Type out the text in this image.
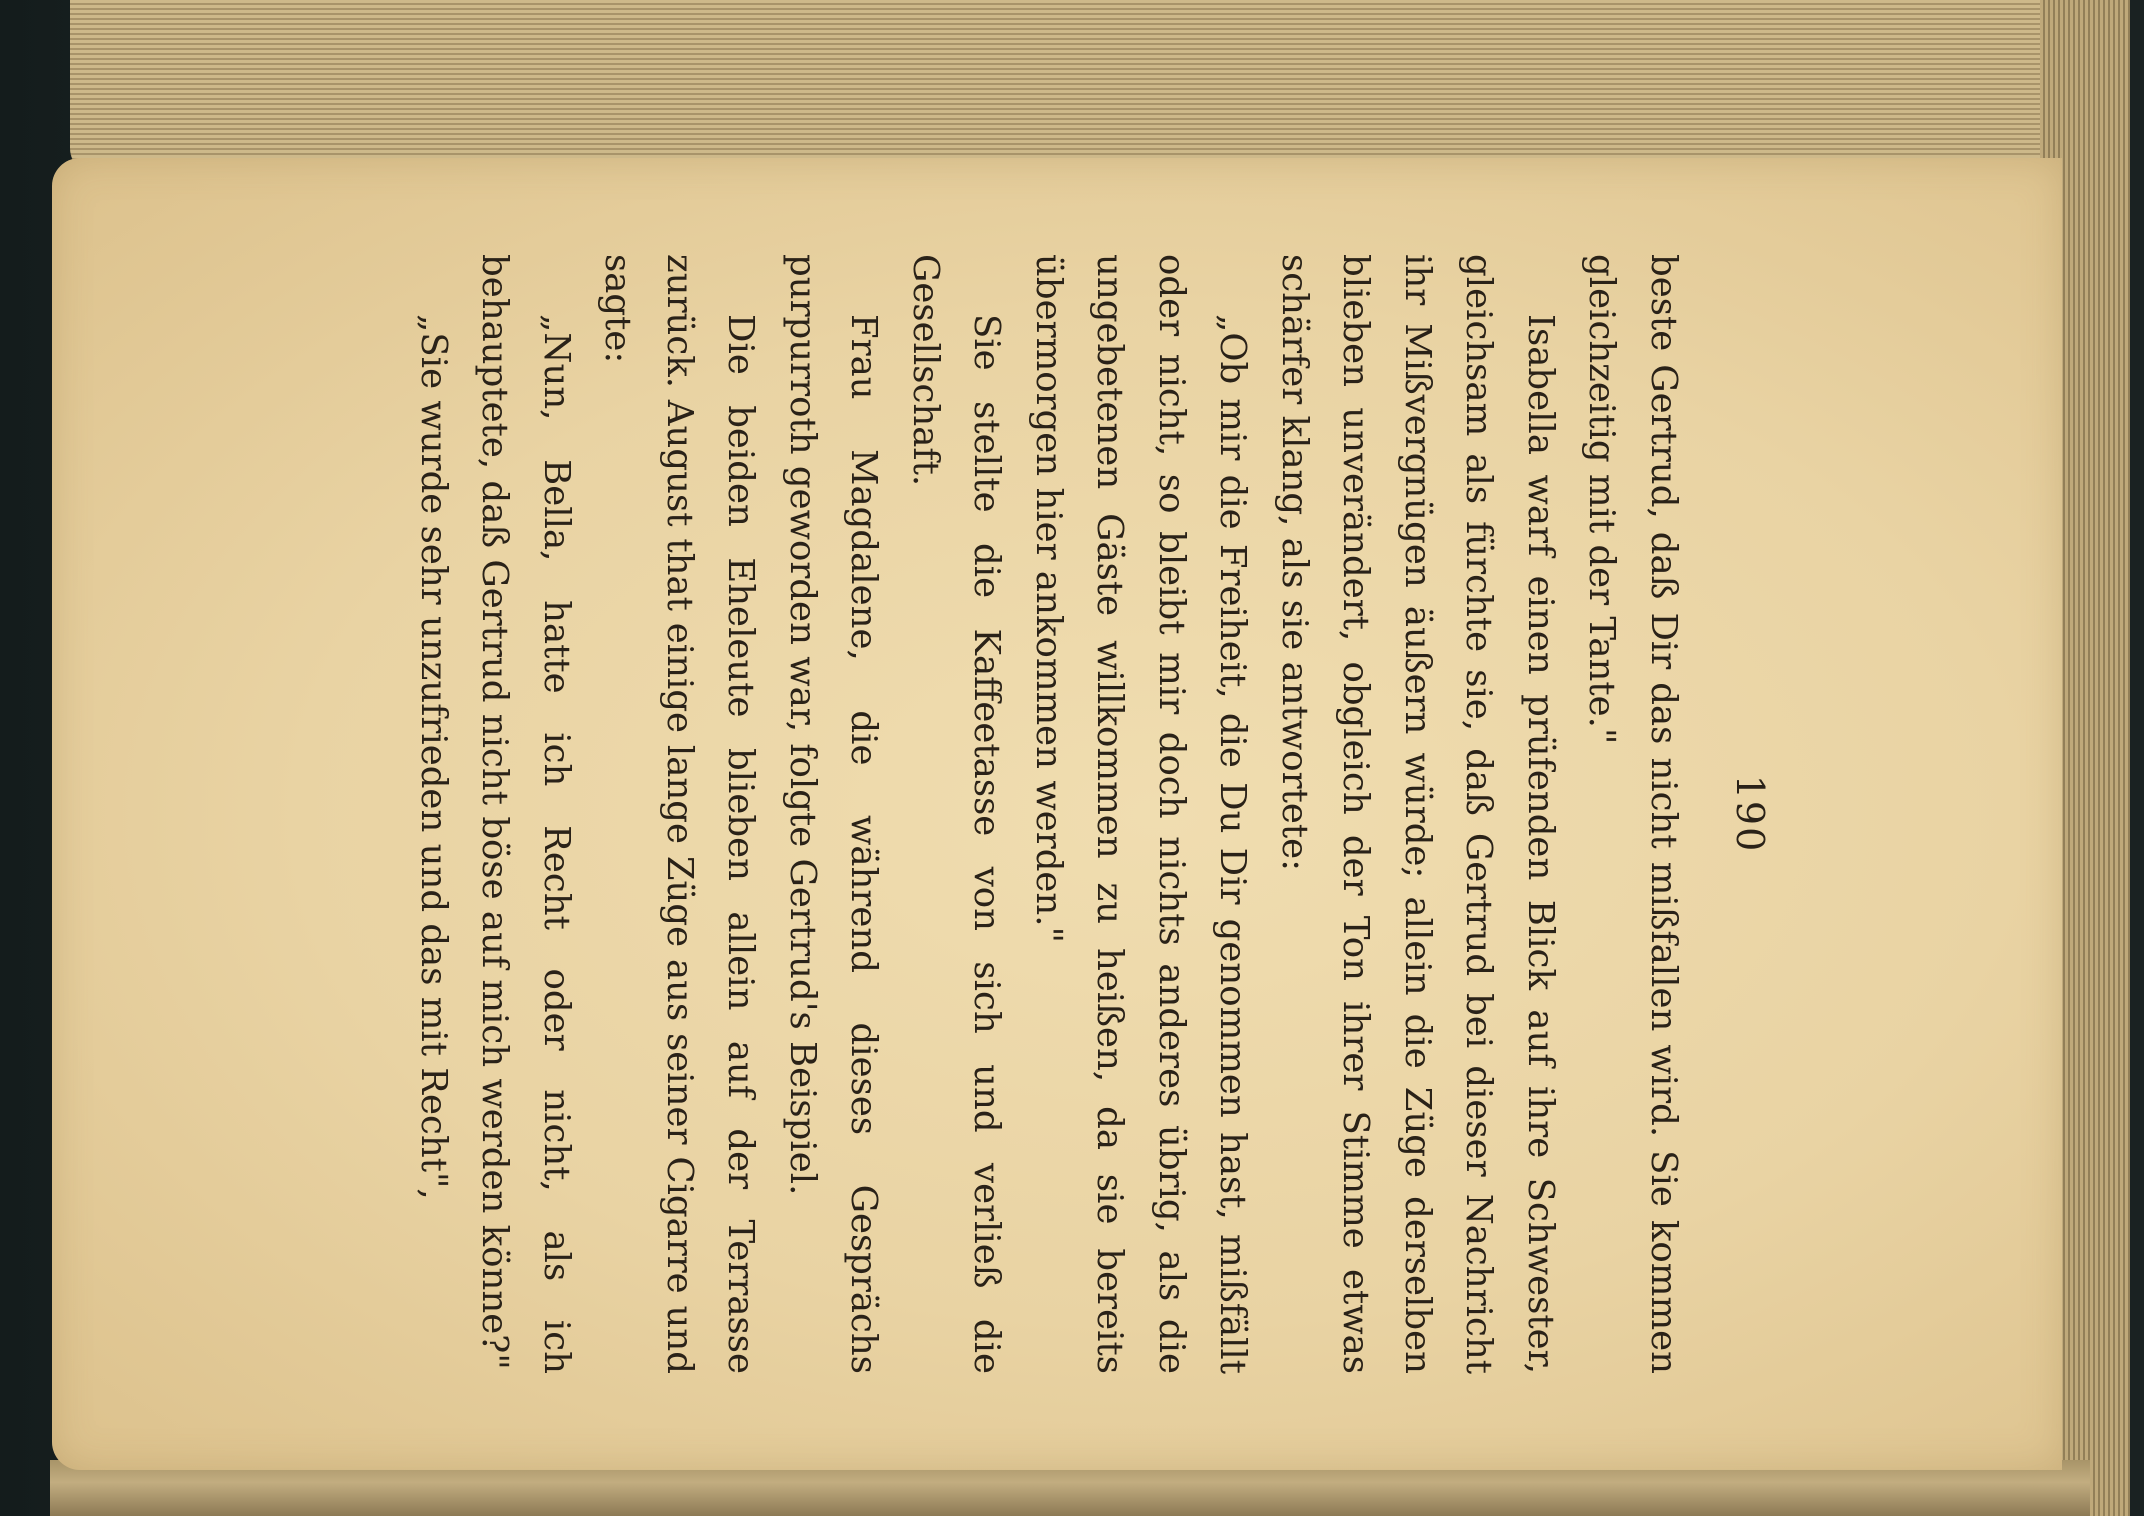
190

beste Gertrud, daß Dir das nicht mißfallen wird. Sie kommen gleichzeitig mit der Tante."

Isabella warf einen prüfenden Blick auf ihre Schwester, gleichsam als fürchte sie, daß Gertrud bei dieser Nachricht ihr Mißvergnügen äußern würde; allein die Züge derselben blieben unverändert, obgleich der Ton ihrer Stimme etwas schärfer klang, als sie antwortete:

„Ob mir die Freiheit, die Du Dir genommen hast, mißfällt oder nicht, so bleibt mir doch nichts anderes übrig, als die ungebetenen Gäste willkommen zu heißen, da sie bereits übermorgen hier ankommen werden."

Sie stellte die Kaffeetasse von sich und verließ die Gesellschaft.

Frau Magdalene, die während dieses Gesprächs purpurroth geworden war, folgte Gertrud's Beispiel.

Die beiden Eheleute blieben allein auf der Terrasse zurück. August that einige lange Züge aus seiner Cigarre und sagte:

„Nun, Bella, hatte ich Recht oder nicht, als ich behauptete, daß Gertrud nicht böse auf mich werden könne?"

„Sie wurde sehr unzufrieden und das mit Recht",
